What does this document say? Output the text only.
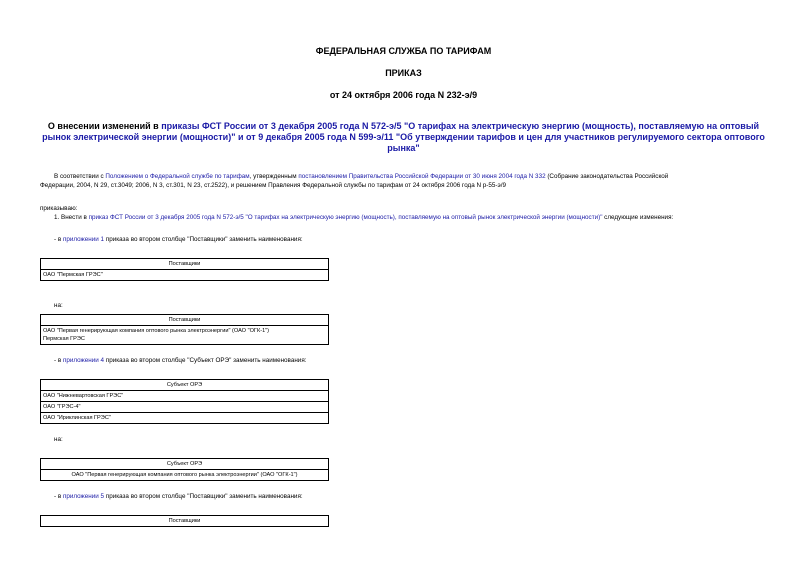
ФЕДЕРАЛЬНАЯ СЛУЖБА ПО ТАРИФАМ
ПРИКАЗ
от 24 октября 2006 года N 232-э/9
О внесении изменений в приказы ФСТ России от 3 декабря 2005 года N 572-э/5 "О тарифах на электрическую энергию (мощность), поставляемую на оптовый рынок электрической энергии (мощности)" и от 9 декабря 2005 года N 599-э/11 "Об утверждении тарифов и цен для участников регулируемого сектора оптового рынка"
В соответствии с Положением о Федеральной службе по тарифам, утвержденным постановлением Правительства Российской Федерации от 30 июня 2004 года N 332 (Собрание законодательства Российской
Федерации, 2004, N 29, ст.3049; 2006, N 3, ст.301, N 23, ст.2522), и решением Правления Федеральной службы по тарифам от 24 октября 2006 года N р-55-э/9
приказываю:
1. Внести в приказ ФСТ России от 3 декабря 2005 года N 572-э/5 "О тарифах на электрическую энергию (мощность), поставляемую на оптовый рынок электрической энергии (мощности)" следующие изменения:
- в приложении 1 приказа во втором столбце "Поставщики" заменить наименования:
Поставщики
ОАО "Пермская ГРЭС"
на:
Поставщики

ОАО "Первая генерирующая компания оптового рынка электроэнергии" (ОАО "ОГК-1")
Пермская ГРЭС
- в приложении 4 приказа во втором столбце "Субъект ОРЭ" заменить наименования:
Субъект ОРЭ
ОАО "Нижневартовская ГРЭС"
ОАО "ГРЭС-4"
ОАО "Ириклинская ГРЭС"
на:
Субъект ОРЭ
ОАО "Первая генерирующая компания оптового рынка электроэнергии" (ОАО "ОГК-1")
- в приложении 5 приказа во втором столбце "Поставщики" заменить наименования:
Поставщики
